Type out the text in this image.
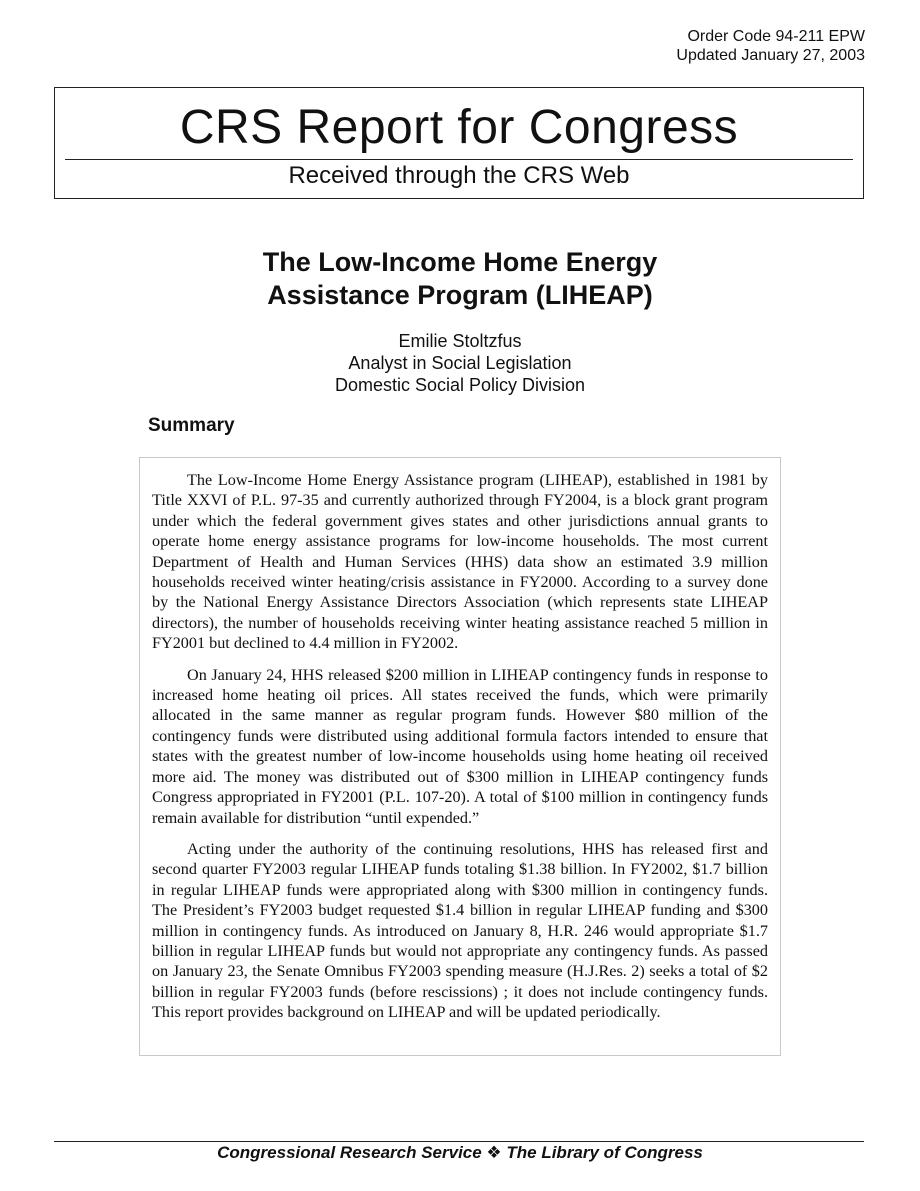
Order Code 94-211 EPW
Updated January 27, 2003
CRS Report for Congress
Received through the CRS Web
The Low-Income Home Energy
Assistance Program (LIHEAP)
Emilie Stoltzfus
Analyst in Social Legislation
Domestic Social Policy Division
Summary

The Low-Income Home Energy Assistance program (LIHEAP), established in 1981 by Title XXVI of P.L. 97-35 and currently authorized through FY2004, is a block grant program under which the federal government gives states and other jurisdictions annual grants to operate home energy assistance programs for low-income households. The most current Department of Health and Human Services (HHS) data show an estimated 3.9 million households received winter heating/crisis assistance in FY2000. According to a survey done by the National Energy Assistance Directors Association (which represents state LIHEAP directors), the number of households receiving winter heating assistance reached 5 million in FY2001 but declined to 4.4 million in FY2002.

On January 24, HHS released $200 million in LIHEAP contingency funds in response to increased home heating oil prices. All states received the funds, which were primarily allocated in the same manner as regular program funds. However $80 million of the contingency funds were distributed using additional formula factors intended to ensure that states with the greatest number of low-income households using home heating oil received more aid. The money was distributed out of $300 million in LIHEAP contingency funds Congress appropriated in FY2001 (P.L. 107-20). A total of $100 million in contingency funds remain available for distribution “until expended.”

Acting under the authority of the continuing resolutions, HHS has released first and second quarter FY2003 regular LIHEAP funds totaling $1.38 billion. In FY2002, $1.7 billion in regular LIHEAP funds were appropriated along with $300 million in contingency funds. The President’s FY2003 budget requested $1.4 billion in regular LIHEAP funding and $300 million in contingency funds. As introduced on January 8, H.R. 246 would appropriate $1.7 billion in regular LIHEAP funds but would not appropriate any contingency funds. As passed on January 23, the Senate Omnibus FY2003 spending measure (H.J.Res. 2) seeks a total of $2 billion in regular FY2003 funds (before rescissions) ; it does not include contingency funds. This report provides background on LIHEAP and will be updated periodically.

Congressional Research Service ❖ The Library of Congress
